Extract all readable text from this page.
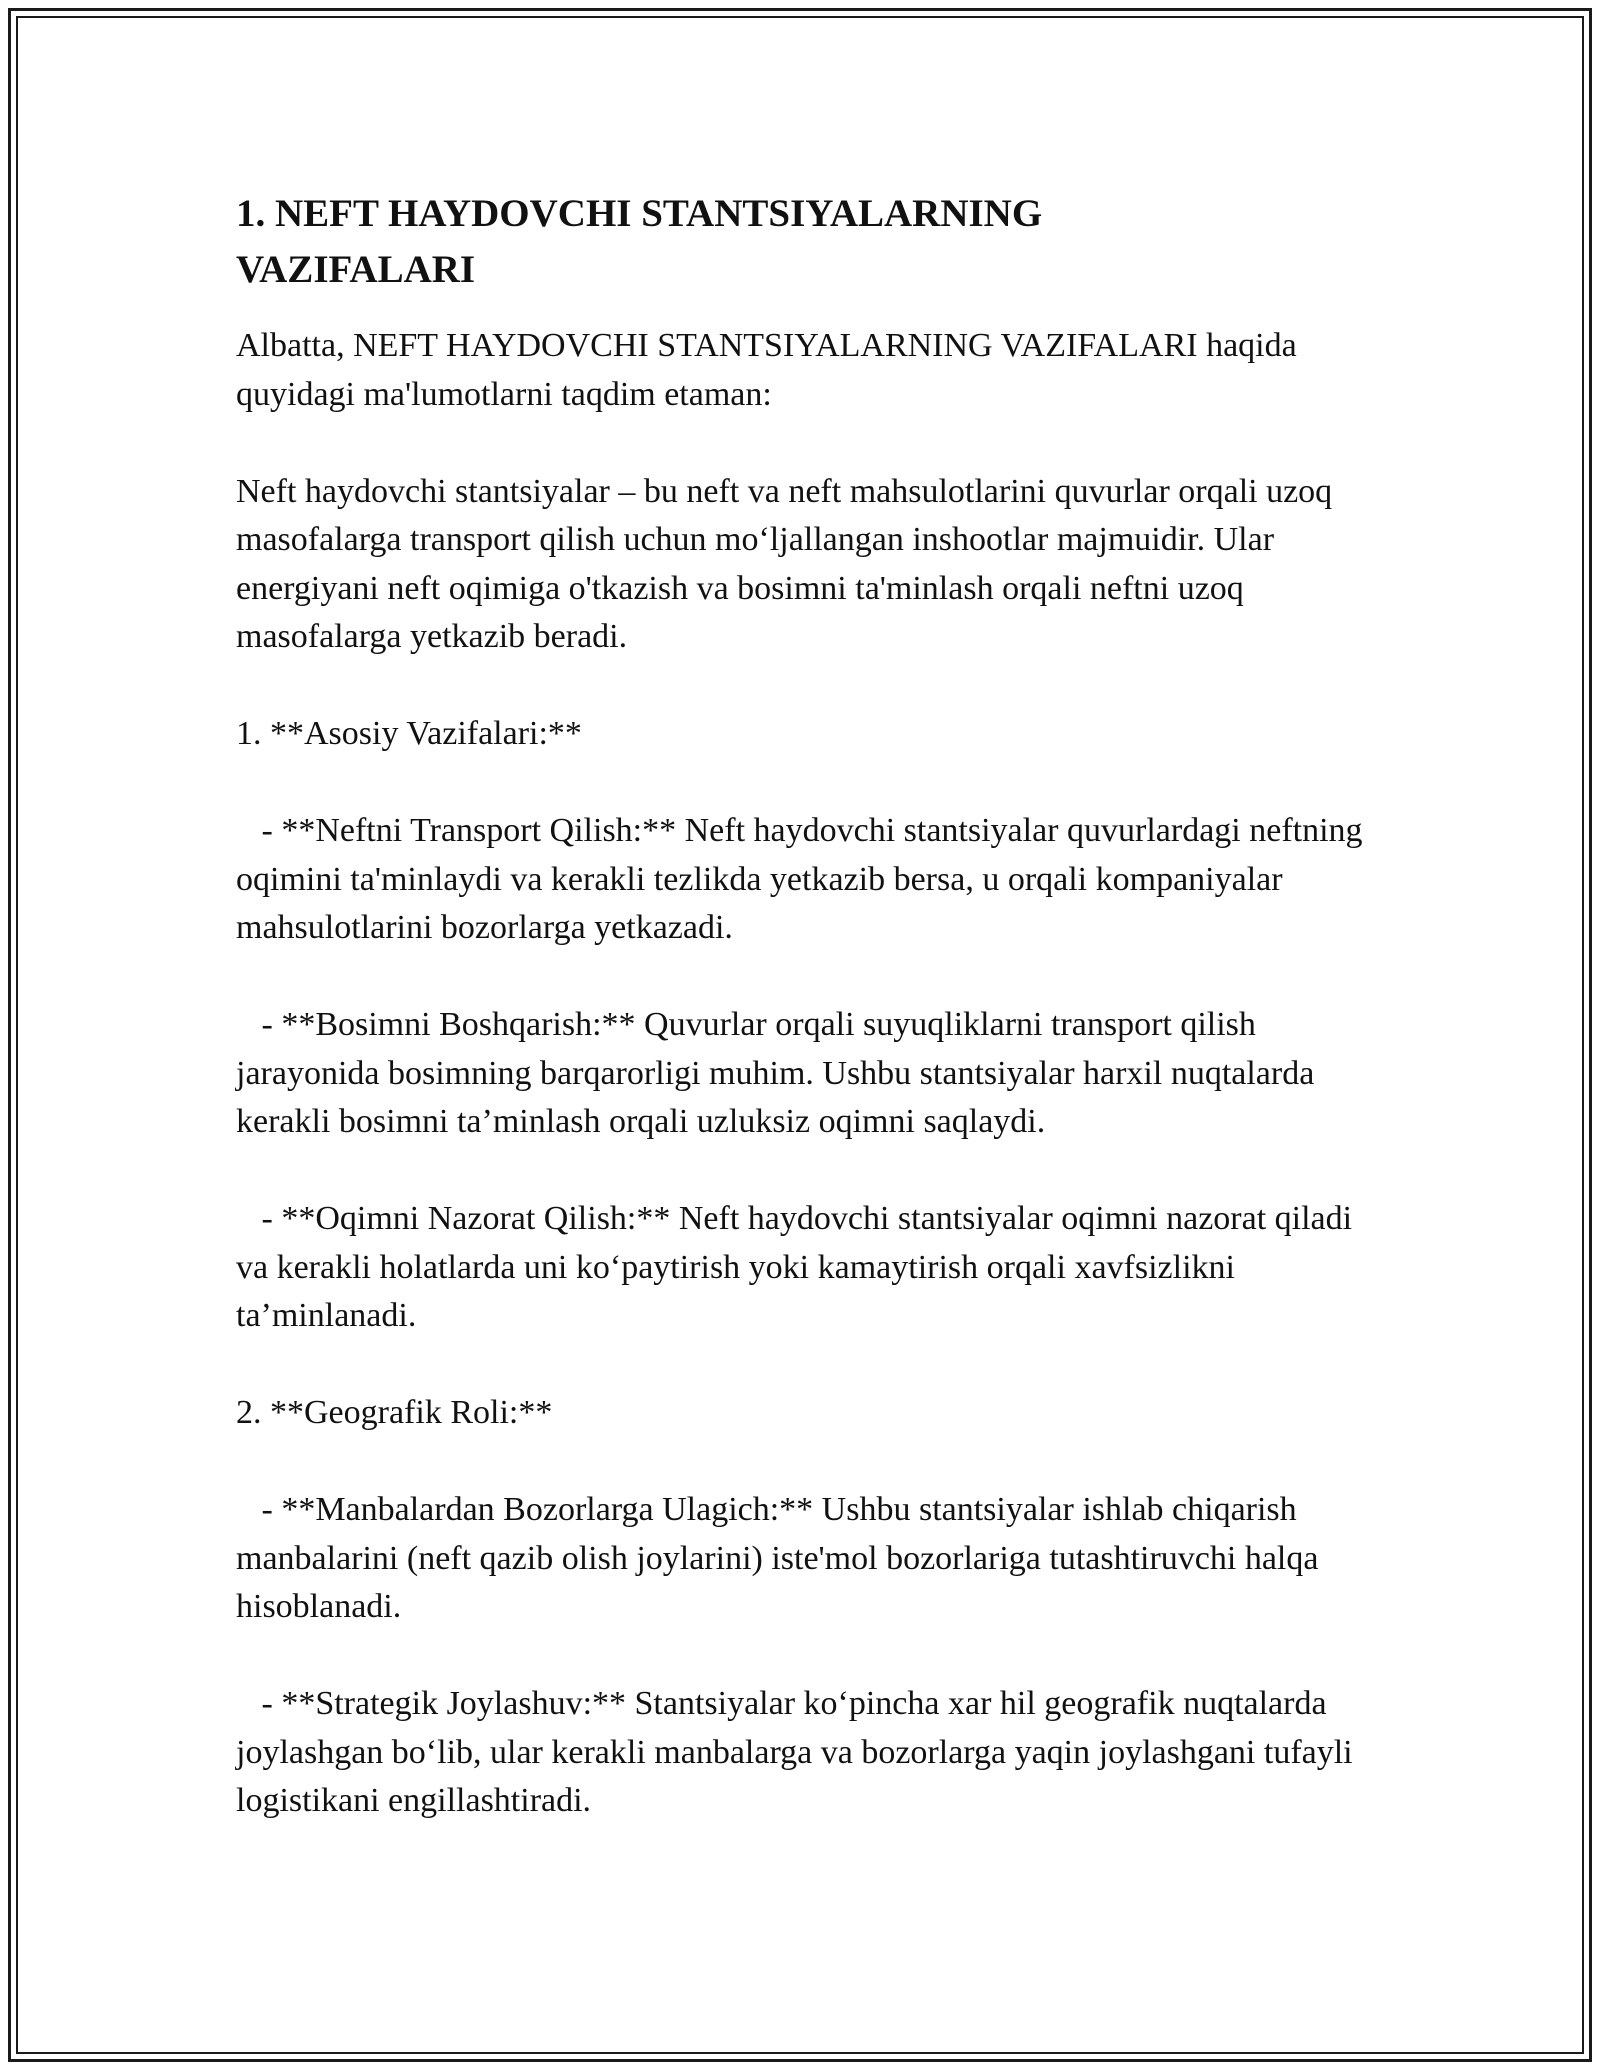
1. NEFT HAYDOVCHI STANTSIYALARNING
VAZIFALARI

Albatta, NEFT HAYDOVCHI STANTSIYALARNING VAZIFALARI haqida quyidagi ma'lumotlarni taqdim etaman:

Neft haydovchi stantsiyalar – bu neft va neft mahsulotlarini quvurlar orqali uzoq masofalarga transport qilish uchun mo‘ljallangan inshootlar majmuidir. Ular energiyani neft oqimiga o'tkazish va bosimni ta'minlash orqali neftni uzoq masofalarga yetkazib beradi.

1. **Asosiy Vazifalari:**

- **Neftni Transport Qilish:** Neft haydovchi stantsiyalar quvurlardagi neftning oqimini ta'minlaydi va kerakli tezlikda yetkazib bersa, u orqali kompaniyalar mahsulotlarini bozorlarga yetkazadi.

- **Bosimni Boshqarish:** Quvurlar orqali suyuqliklarni transport qilish jarayonida bosimning barqarorligi muhim. Ushbu stantsiyalar harxil nuqtalarda kerakli bosimni ta’minlash orqali uzluksiz oqimni saqlaydi.

- **Oqimni Nazorat Qilish:** Neft haydovchi stantsiyalar oqimni nazorat qiladi va kerakli holatlarda uni ko‘paytirish yoki kamaytirish orqali xavfsizlikni ta’minlanadi.

2. **Geografik Roli:**

- **Manbalardan Bozorlarga Ulagich:** Ushbu stantsiyalar ishlab chiqarish manbalarini (neft qazib olish joylarini) iste'mol bozorlariga tutashtiruvchi halqa hisoblanadi.

- **Strategik Joylashuv:** Stantsiyalar ko‘pincha xar hil geografik nuqtalarda joylashgan bo‘lib, ular kerakli manbalarga va bozorlarga yaqin joylashgani tufayli logistikani engillashtiradi.
